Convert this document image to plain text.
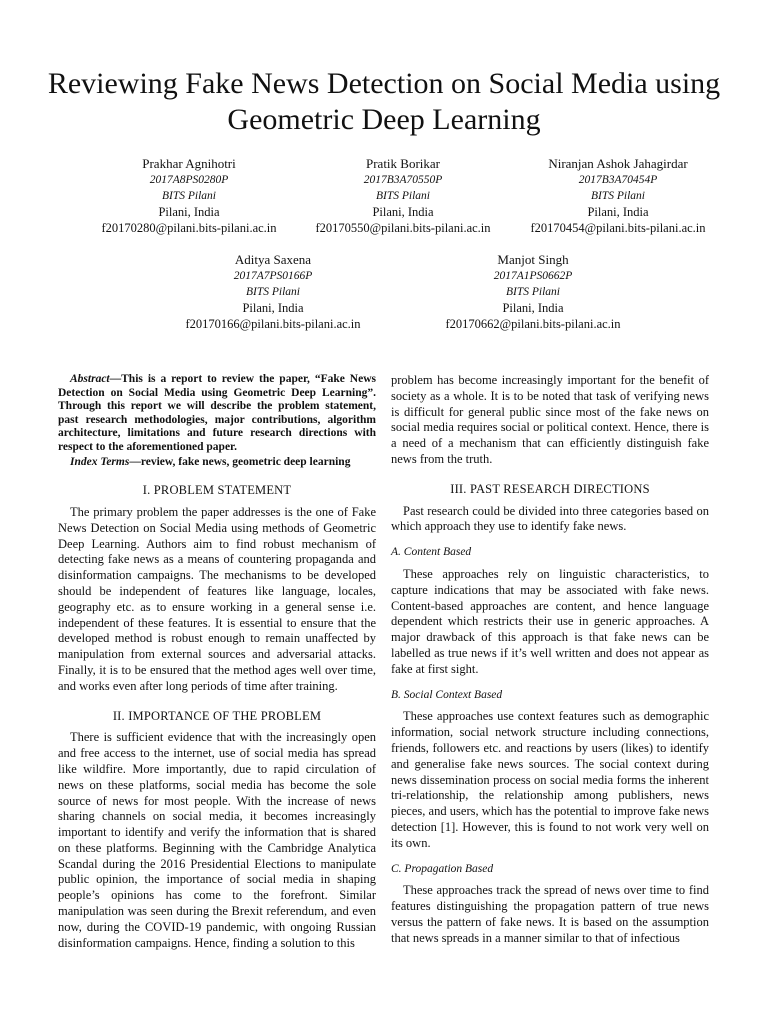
Reviewing Fake News Detection on Social Media using Geometric Deep Learning
Prakhar Agnihotri
2017A8PS0280P
BITS Pilani
Pilani, India
f20170280@pilani.bits-pilani.ac.in
Pratik Borikar
2017B3A70550P
BITS Pilani
Pilani, India
f20170550@pilani.bits-pilani.ac.in
Niranjan Ashok Jahagirdar
2017B3A70454P
BITS Pilani
Pilani, India
f20170454@pilani.bits-pilani.ac.in
Aditya Saxena
2017A7PS0166P
BITS Pilani
Pilani, India
f20170166@pilani.bits-pilani.ac.in
Manjot Singh
2017A1PS0662P
BITS Pilani
Pilani, India
f20170662@pilani.bits-pilani.ac.in

Abstract—This is a report to review the paper, “Fake News Detection on Social Media using Geometric Deep Learning”. Through this report we will describe the problem statement, past research methodologies, major contributions, algorithm architecture, limitations and future research directions with respect to the aforementioned paper.

Index Terms—review, fake news, geometric deep learning

I. PROBLEM STATEMENT

The primary problem the paper addresses is the one of Fake News Detection on Social Media using methods of Geometric Deep Learning. Authors aim to find robust mechanism of detecting fake news as a means of countering propaganda and disinformation campaigns. The mechanisms to be developed should be independent of features like language, locales, geography etc. as to ensure working in a general sense i.e. independent of these features. It is essential to ensure that the developed method is robust enough to remain unaffected by manipulation from external sources and adversarial attacks. Finally, it is to be ensured that the method ages well over time, and works even after long periods of time after training.

II. IMPORTANCE OF THE PROBLEM

There is sufficient evidence that with the increasingly open and free access to the internet, use of social media has spread like wildfire. More importantly, due to rapid circulation of news on these platforms, social media has become the sole source of news for most people. With the increase of news sharing channels on social media, it becomes increasingly important to identify and verify the information that is shared on these platforms. Beginning with the Cambridge Analytica Scandal during the 2016 Presidential Elections to manipulate public opinion, the importance of social media in shaping people’s opinions has come to the forefront. Similar manipulation was seen during the Brexit referendum, and even now, during the COVID-19 pandemic, with ongoing Russian disinformation campaigns. Hence, finding a solution to this

problem has become increasingly important for the benefit of society as a whole. It is to be noted that task of verifying news is difficult for general public since most of the fake news on social media requires social or political context. Hence, there is a need of a mechanism that can efficiently distinguish fake news from the truth.

III. PAST RESEARCH DIRECTIONS

Past research could be divided into three categories based on which approach they use to identify fake news.

A. Content Based

These approaches rely on linguistic characteristics, to capture indications that may be associated with fake news. Content-based approaches are content, and hence language dependent which restricts their use in generic approaches. A major drawback of this approach is that fake news can be labelled as true news if it’s well written and does not appear as fake at first sight.

B. Social Context Based

These approaches use context features such as demographic information, social network structure including connections, friends, followers etc. and reactions by users (likes) to identify and generalise fake news sources. The social context during news dissemination process on social media forms the inherent tri-relationship, the relationship among publishers, news pieces, and users, which has the potential to improve fake news detection [1]. However, this is found to not work very well on its own.

C. Propagation Based

These approaches track the spread of news over time to find features distinguishing the propagation pattern of true news versus the pattern of fake news. It is based on the assumption that news spreads in a manner similar to that of infectious
